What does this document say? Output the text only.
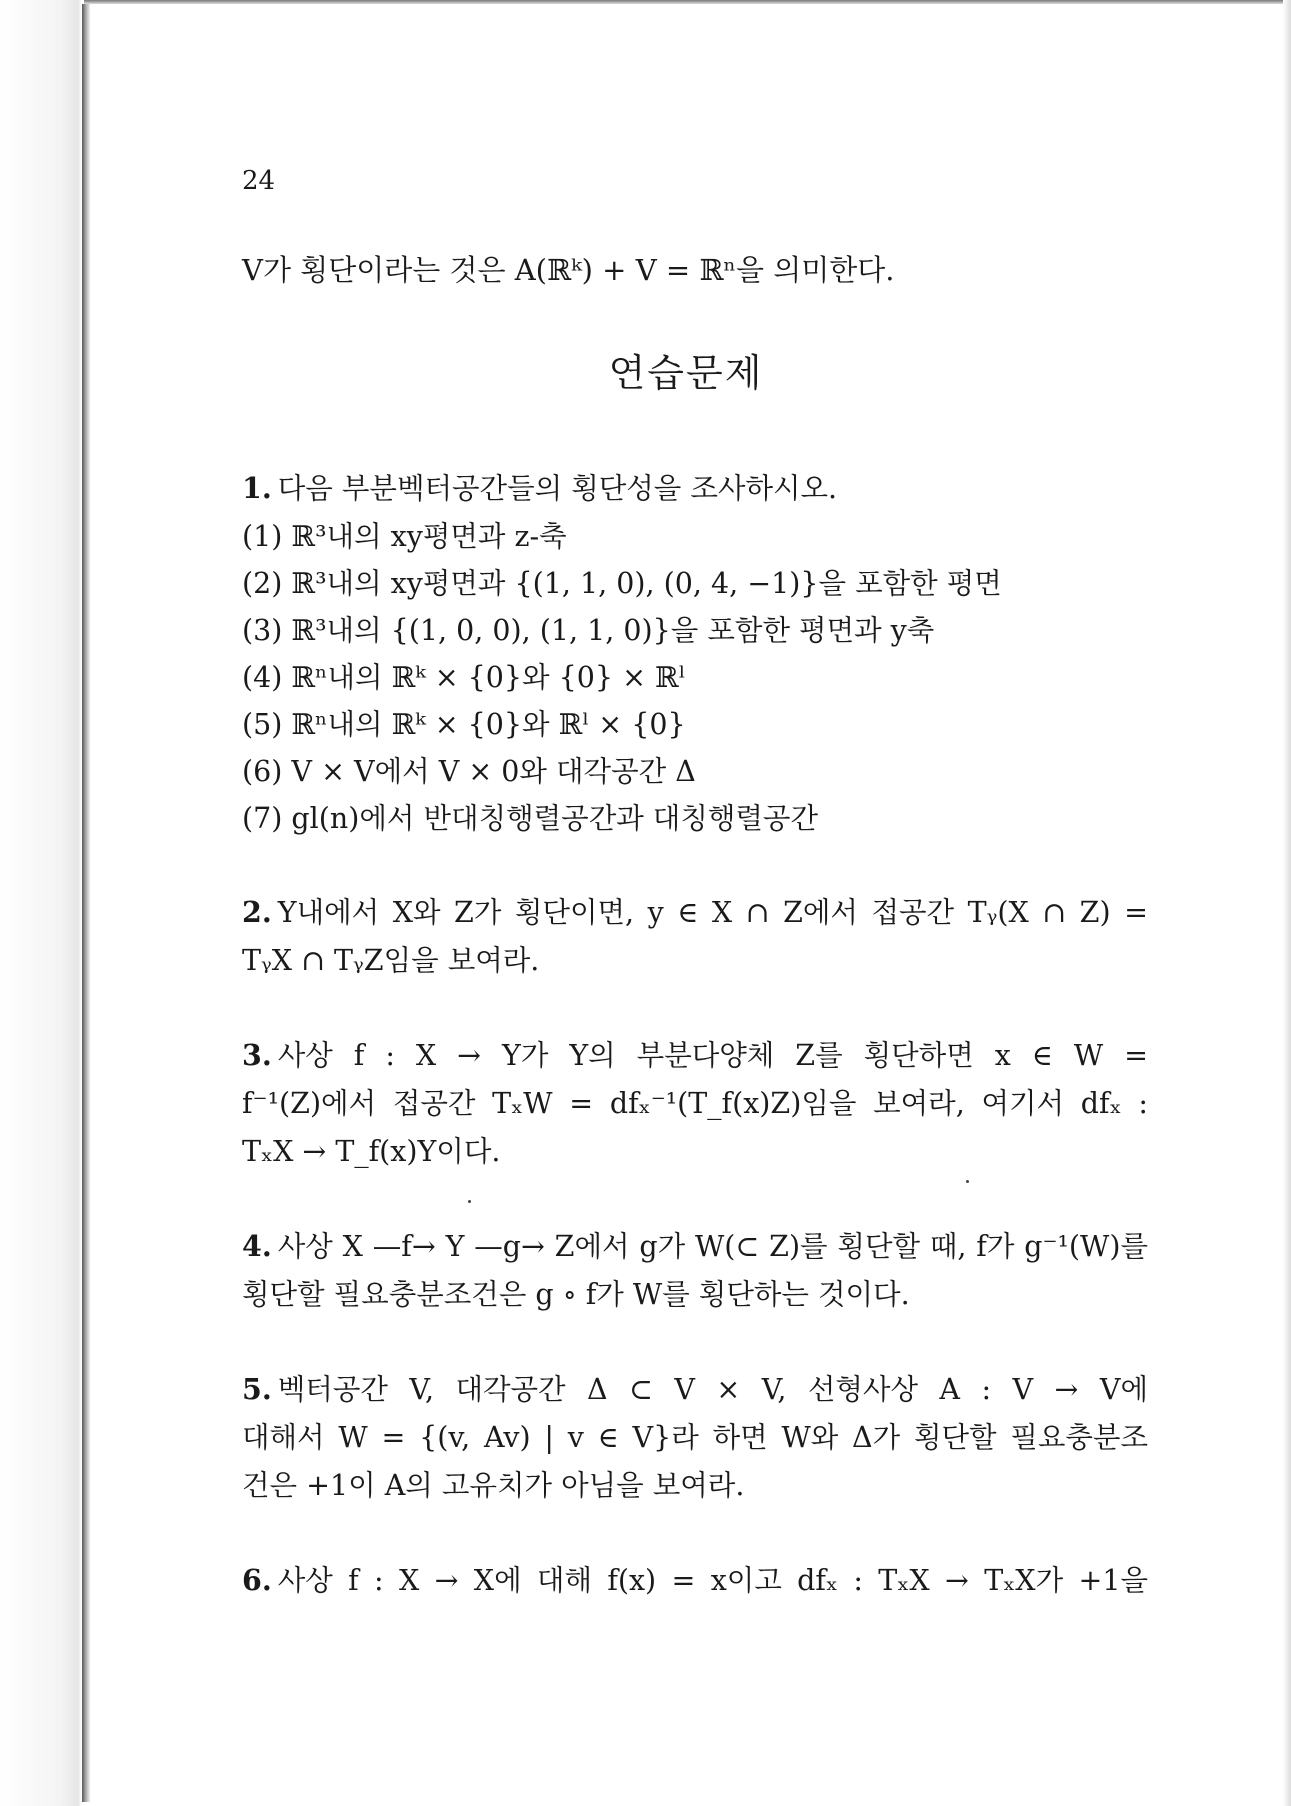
24
V가 횡단이라는 것은 A(ℝᵏ) + V = ℝⁿ을 의미한다.
연습문제
1. 다음 부분벡터공간들의 횡단성을 조사하시오.
(1) ℝ³내의 xy평면과 z-축
(2) ℝ³내의 xy평면과 {(1, 1, 0), (0, 4, −1)}을 포함한 평면
(3) ℝ³내의 {(1, 0, 0), (1, 1, 0)}을 포함한 평면과 y축
(4) ℝⁿ내의 ℝᵏ × {0}와 {0} × ℝˡ
(5) ℝⁿ내의 ℝᵏ × {0}와 ℝˡ × {0}
(6) V × V에서 V × 0와 대각공간 Δ
(7) gl(n)에서 반대칭행렬공간과 대칭행렬공간
2. Y내에서 X와 Z가 횡단이면, y ∈ X ∩ Z에서 접공간 Tᵧ(X ∩ Z) =
TᵧX ∩ TᵧZ임을 보여라.
3. 사상 f : X → Y가 Y의 부분다양체 Z를 횡단하면 x ∈ W =
f⁻¹(Z)에서 접공간 TₓW = dfₓ⁻¹(T_f(x)Z)임을 보여라, 여기서 dfₓ :
TₓX → T_f(x)Y이다.
4. 사상 X —f→ Y —g→ Z에서 g가 W(⊂ Z)를 횡단할 때, f가 g⁻¹(W)를
횡단할 필요충분조건은 g ∘ f가 W를 횡단하는 것이다.
5. 벡터공간 V, 대각공간 Δ ⊂ V × V, 선형사상 A : V → V에
대해서 W = {(v, Av) | v ∈ V}라 하면 W와 Δ가 횡단할 필요충분조
건은 +1이 A의 고유치가 아님을 보여라.
6. 사상 f : X → X에 대해 f(x) = x이고 dfₓ : TₓX → TₓX가 +1을
